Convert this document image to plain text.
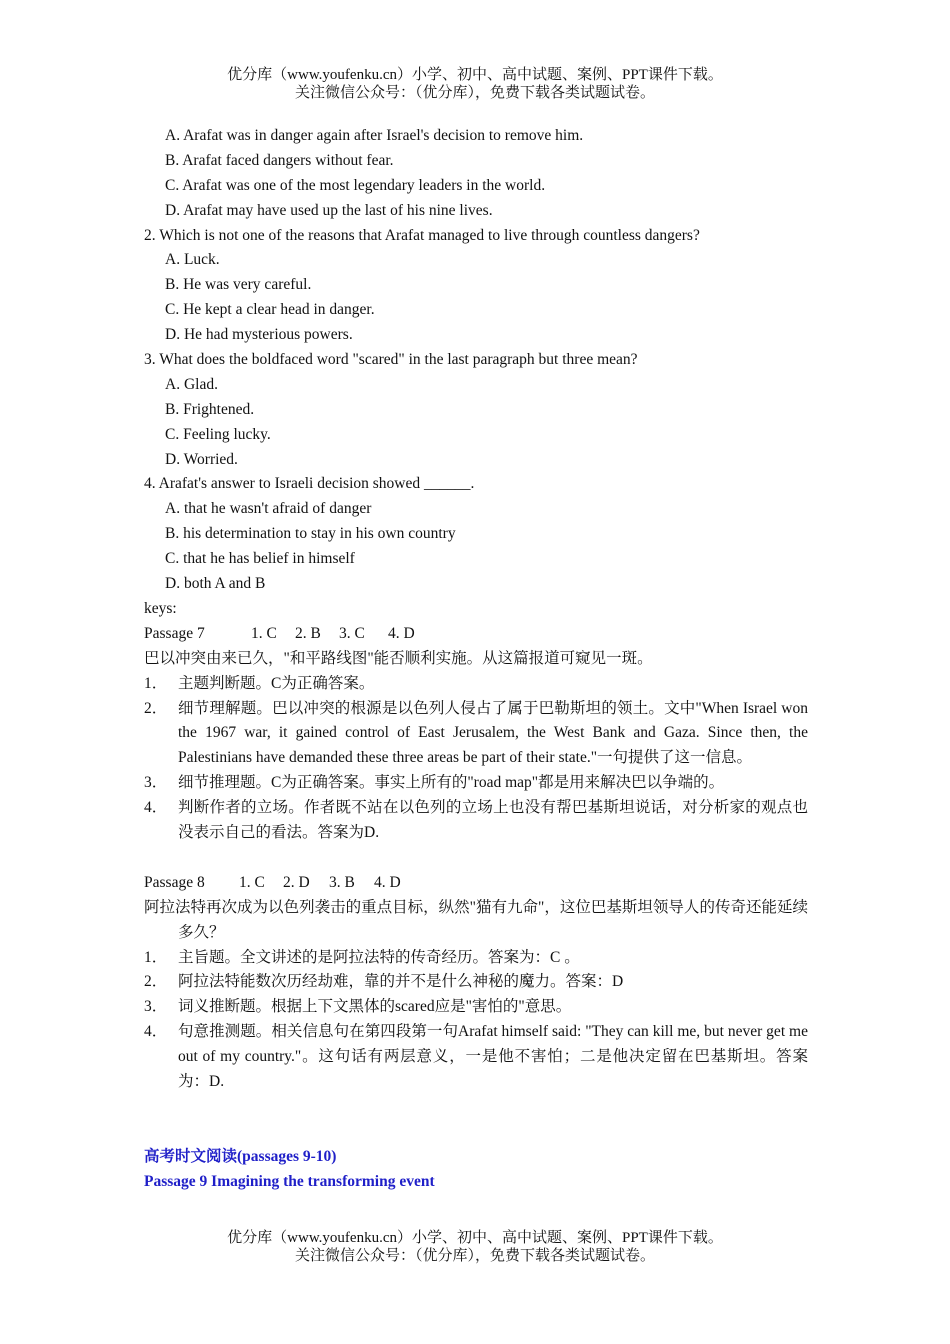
优分库（www.youfenku.cn）小学、初中、高中试题、案例、PPT课件下载。
关注微信公众号：（优分库），免费下载各类试题试卷。
A. Arafat was in danger again after Israel's decision to remove him.
B. Arafat faced dangers without fear.
C. Arafat was one of the most legendary leaders in the world.
D. Arafat may have used up the last of his nine lives.
2. Which is not one of the reasons that Arafat managed to live through countless dangers?
A. Luck.
B. He was very careful.
C. He kept a clear head in danger.
D. He had mysterious powers.
3. What does the boldfaced word "scared" in the last paragraph but three mean?
A. Glad.
B. Frightened.
C. Feeling lucky.
D. Worried.
4. Arafat's answer to Israeli decision showed ______.
A. that he wasn't afraid of danger
B. his determination to stay in his own country
C. that he has belief in himself
D. both A and B
keys:
Passage 7	1. C 2. B 3. C 4. D
巴以冲突由来已久，"和平路线图"能否顺利实施。从这篇报道可窥见一斑。
1． 主题判断题。C为正确答案。
2． 细节理解题。巴以冲突的根源是以色列人侵占了属于巴勒斯坦的领土。文中"When Israel won the 1967 war, it gained control of East Jerusalem, the West Bank and Gaza. Since then, the Palestinians have demanded these three areas be part of their state."一句提供了这一信息。
3． 细节推理题。C为正确答案。事实上所有的"road map"都是用来解决巴以争端的。
4． 判断作者的立场。作者既不站在以色列的立场上也没有帮巴基斯坦说话，对分析家的观点也没表示自己的看法。答案为D.
Passage 8 1. C 2. D 3. B 4. D
阿拉法特再次成为以色列袭击的重点目标，纵然"猫有九命"，这位巴基斯坦领导人的传奇还能延续多久？
1． 主旨题。全文讲述的是阿拉法特的传奇经历。答案为：C 。
2． 阿拉法特能数次历经劫难，靠的并不是什么神秘的魔力。答案：D
3． 词义推断题。根据上下文黑体的scared应是"害怕的"意思。
4． 句意推测题。相关信息句在第四段第一句Arafat himself said: "They can kill me, but never get me out of my country."。这句话有两层意义，一是他不害怕；二是他决定留在巴基斯坦。答案为：D.
高考时文阅读(passages 9-10)
Passage 9 Imagining the transforming event
优分库（www.youfenku.cn）小学、初中、高中试题、案例、PPT课件下载。
关注微信公众号：（优分库），免费下载各类试题试卷。
